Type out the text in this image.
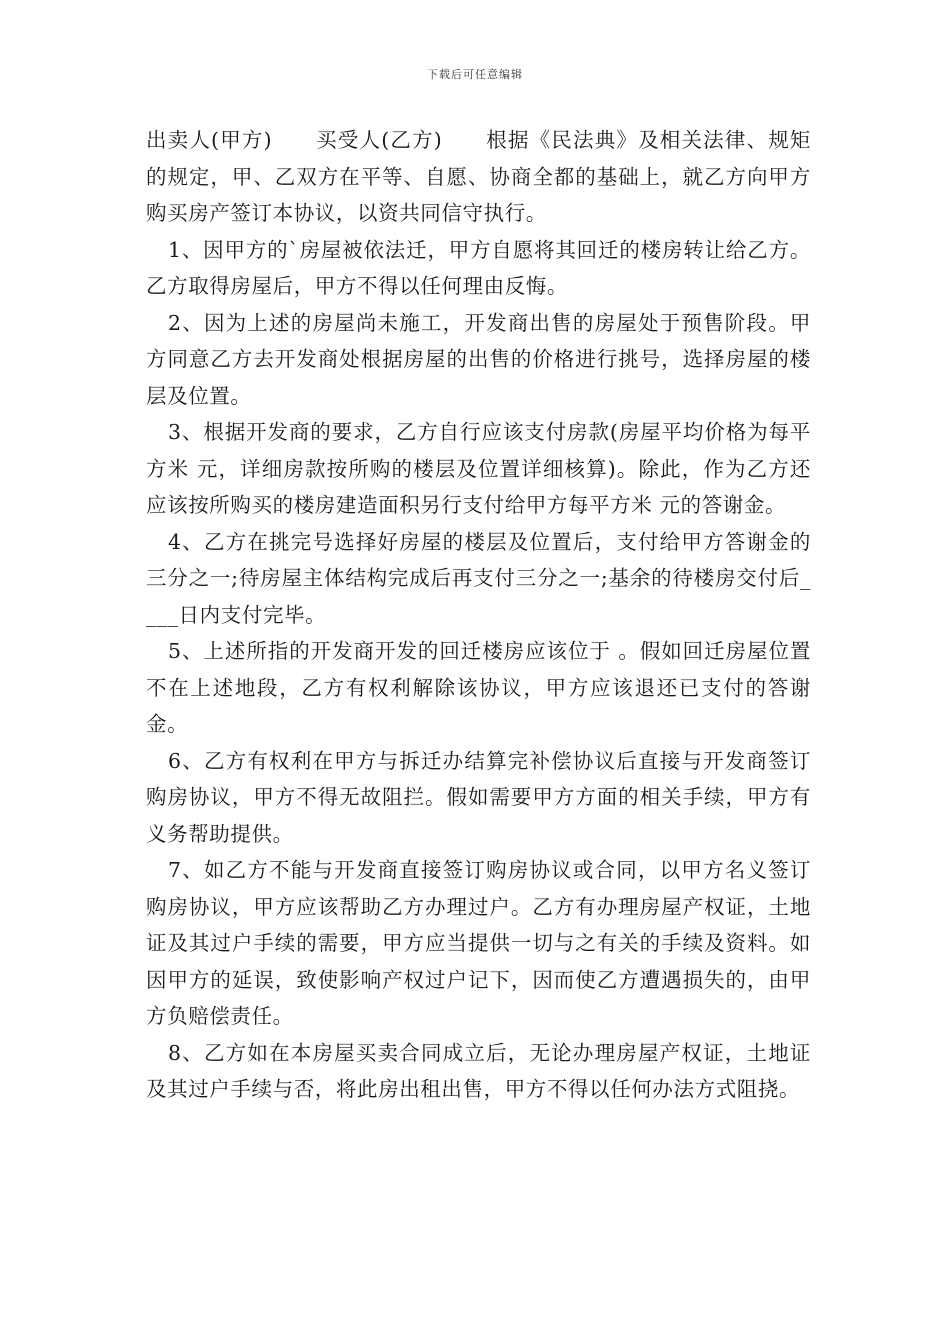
下载后可任意编辑

出卖人(甲方)　　买受人(乙方)　　根据《民法典》及相关法律、规矩的规定，甲、乙双方在平等、自愿、协商全都的基础上，就乙方向甲方购买房产签订本协议，以资共同信守执行。

1、因甲方的`房屋被依法迁，甲方自愿将其回迁的楼房转让给乙方。乙方取得房屋后，甲方不得以任何理由反悔。

2、因为上述的房屋尚未施工，开发商出售的房屋处于预售阶段。甲方同意乙方去开发商处根据房屋的出售的价格进行挑号，选择房屋的楼层及位置。

3、根据开发商的要求，乙方自行应该支付房款(房屋平均价格为每平方米 元，详细房款按所购的楼层及位置详细核算)。除此，作为乙方还应该按所购买的楼房建造面积另行支付给甲方每平方米 元的答谢金。

4、乙方在挑完号选择好房屋的楼层及位置后，支付给甲方答谢金的三分之一;待房屋主体结构完成后再支付三分之一;基余的待楼房交付后____日内支付完毕。

5、上述所指的开发商开发的回迁楼房应该位于 。假如回迁房屋位置不在上述地段，乙方有权利解除该协议，甲方应该退还已支付的答谢金。

6、乙方有权利在甲方与拆迁办结算完补偿协议后直接与开发商签订购房协议，甲方不得无故阻拦。假如需要甲方方面的相关手续，甲方有义务帮助提供。

7、如乙方不能与开发商直接签订购房协议或合同，以甲方名义签订购房协议，甲方应该帮助乙方办理过户。乙方有办理房屋产权证，土地证及其过户手续的需要，甲方应当提供一切与之有关的手续及资料。如因甲方的延误，致使影响产权过户记下，因而使乙方遭遇损失的，由甲方负赔偿责任。

8、乙方如在本房屋买卖合同成立后，无论办理房屋产权证，土地证及其过户手续与否，将此房出租出售，甲方不得以任何办法方式阻挠。
